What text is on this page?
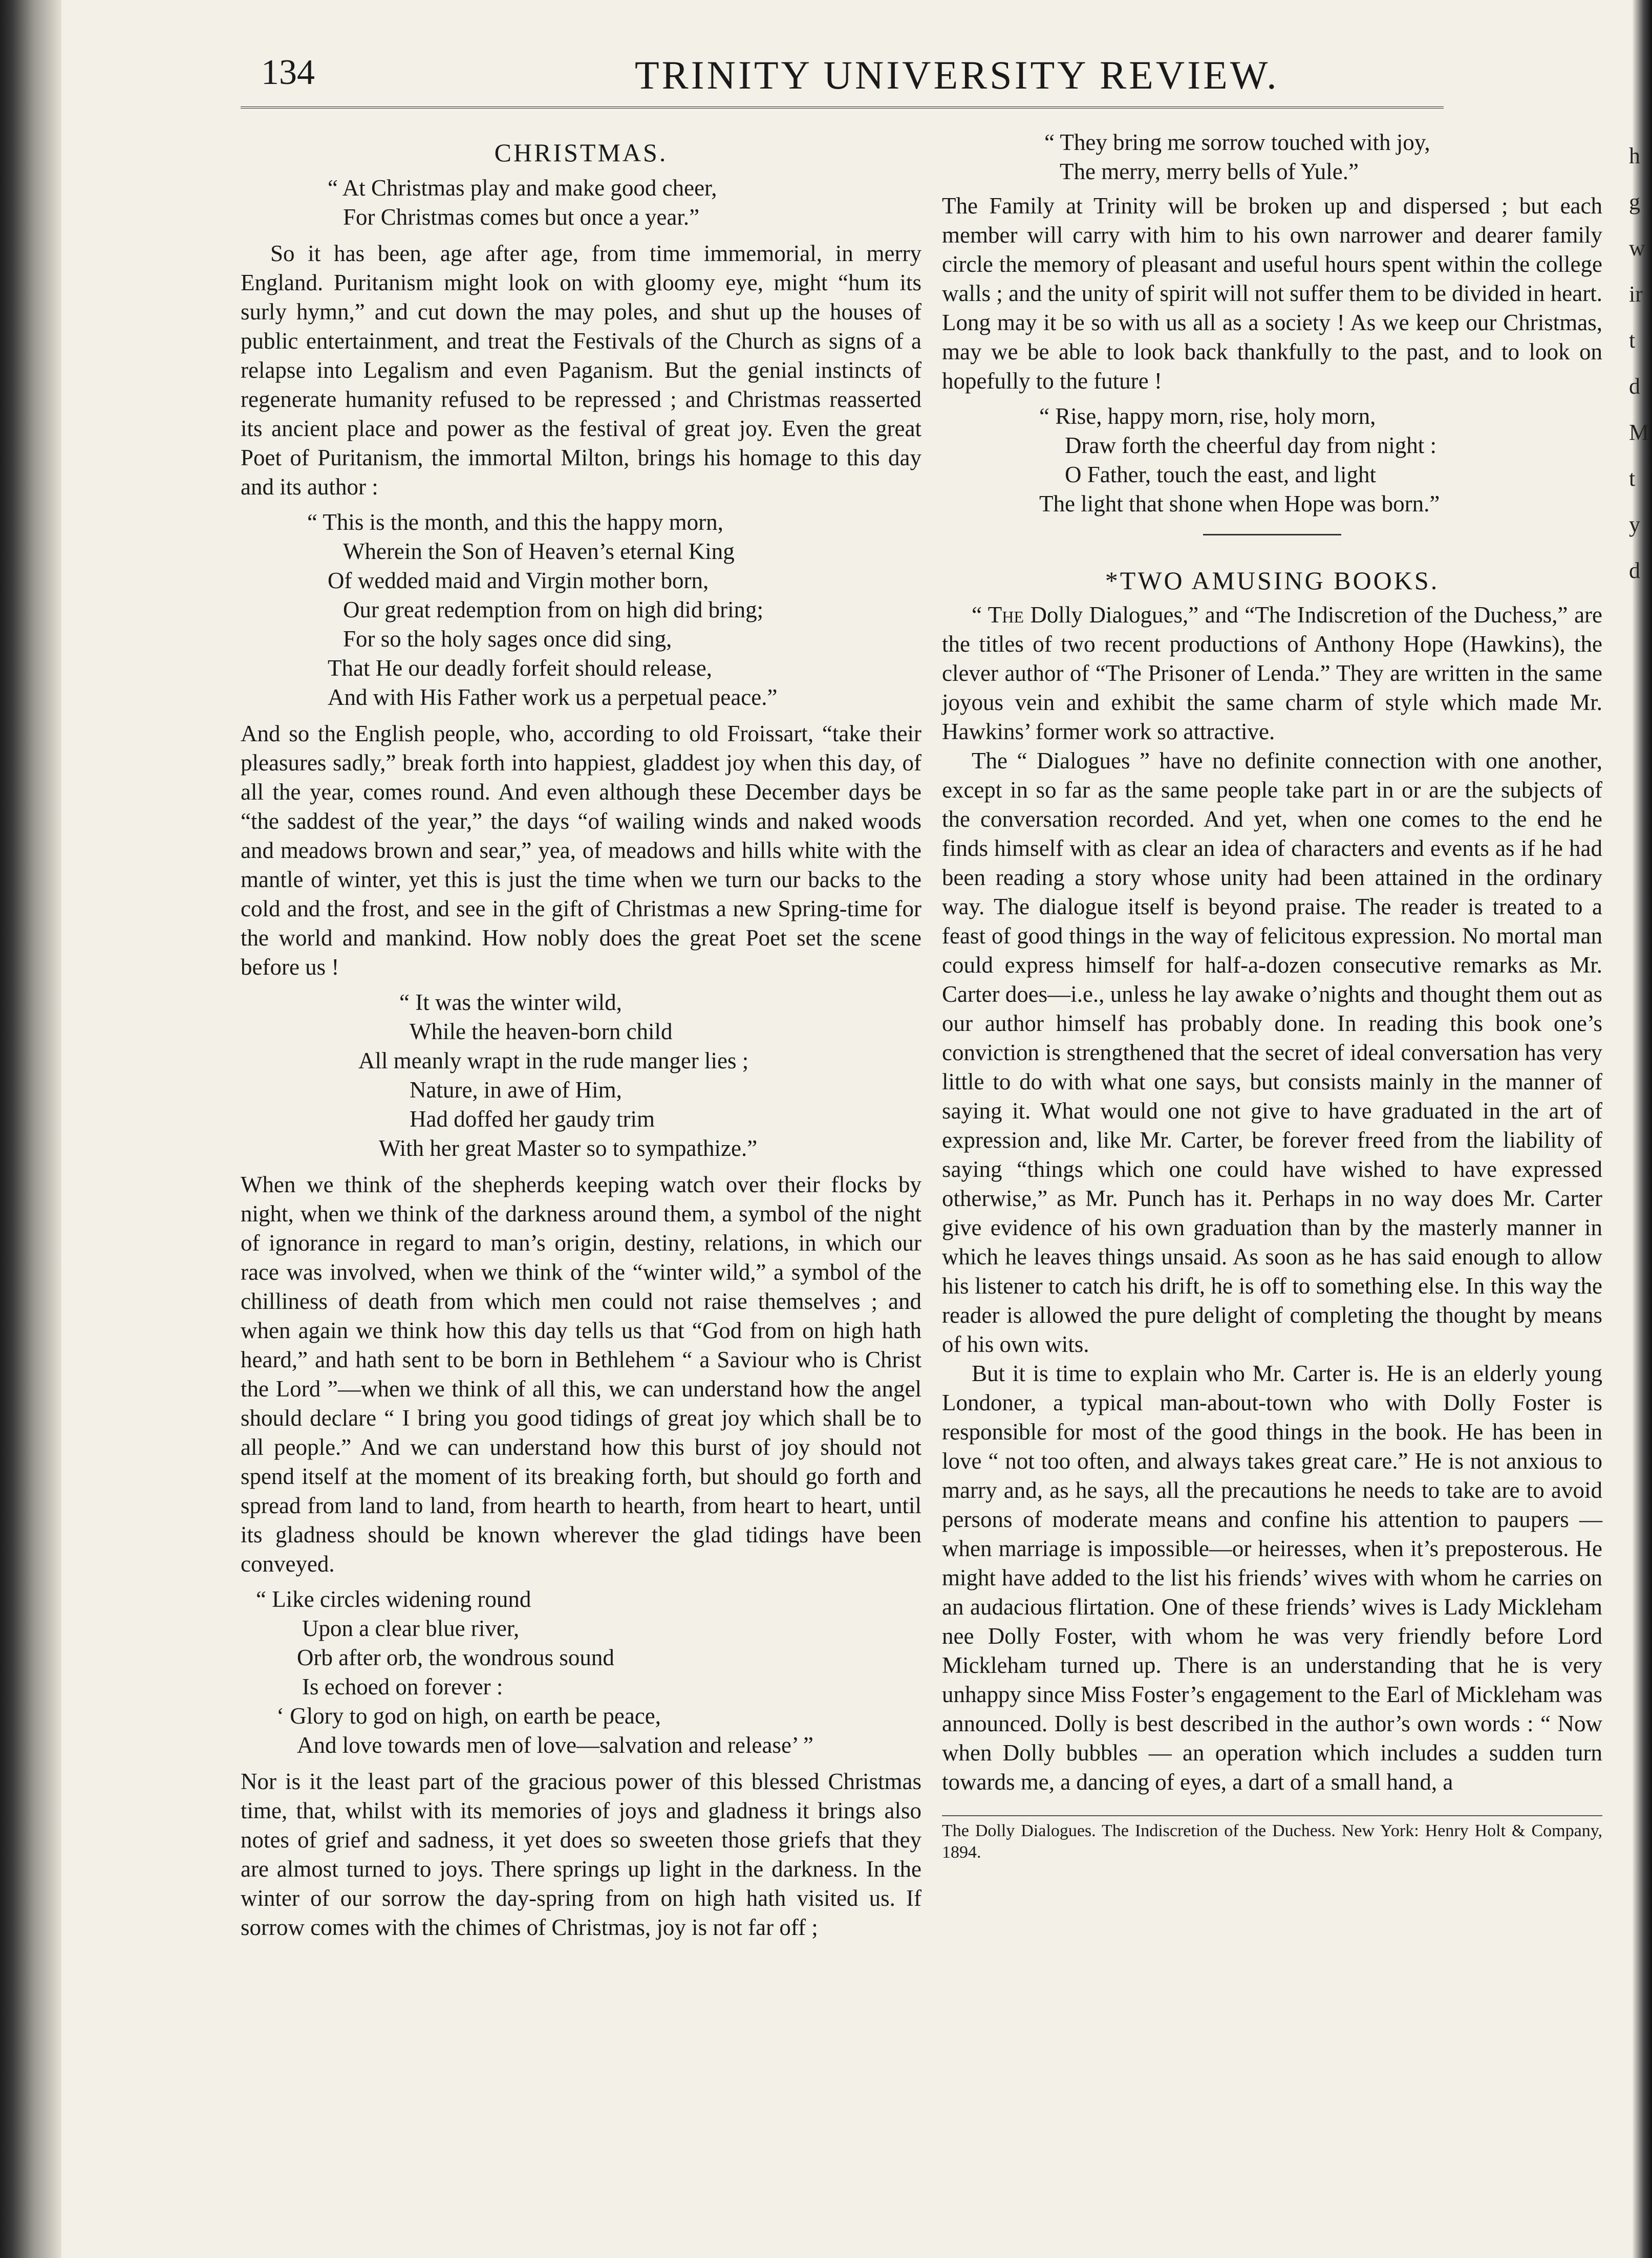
134	TRINITY UNIVERSITY REVIEW.
CHRISTMAS.
“ At Christmas play and make good cheer,
For Christmas comes but once a year.”

So it has been, age after age, from time immemorial, in merry England. Puritanism might look on with gloomy eye, might “hum its surly hymn,” and cut down the may poles, and shut up the houses of public entertainment, and treat the Festivals of the Church as signs of a relapse into Legalism and even Paganism. But the genial instincts of regenerate humanity refused to be repressed ; and Christmas reasserted its ancient place and power as the festival of great joy. Even the great Poet of Puritanism, the immortal Milton, brings his homage to this day and its author :

“ This is the month, and this the happy morn,
Wherein the Son of Heaven’s eternal King
Of wedded maid and Virgin mother born,
Our great redemption from on high did bring;
For so the holy sages once did sing,
That He our deadly forfeit should release,
And with His Father work us a perpetual peace.”

And so the English people, who, according to old Froissart, “take their pleasures sadly,” break forth into happiest, gladdest joy when this day, of all the year, comes round. And even although these December days be “the saddest of the year,” the days “of wailing winds and naked woods and meadows brown and sear,” yea, of meadows and hills white with the mantle of winter, yet this is just the time when we turn our backs to the cold and the frost, and see in the gift of Christmas a new Spring-time for the world and mankind. How nobly does the great Poet set the scene before us !

“ It was the winter wild,
While the heaven-born child
All meanly wrapt in the rude manger lies ;
Nature, in awe of Him,
Had doffed her gaudy trim
With her great Master so to sympathize.”

When we think of the shepherds keeping watch over their flocks by night, when we think of the darkness around them, a symbol of the night of ignorance in regard to man’s origin, destiny, relations, in which our race was involved, when we think of the “winter wild,” a symbol of the chilliness of death from which men could not raise themselves ; and when again we think how this day tells us that “God from on high hath heard,” and hath sent to be born in Bethlehem “ a Saviour who is Christ the Lord ”—when we think of all this, we can understand how the angel should declare “ I bring you good tidings of great joy which shall be to all people.” And we can understand how this burst of joy should not spend itself at the moment of its breaking forth, but should go forth and spread from land to land, from hearth to hearth, from heart to heart, until its gladness should be known wherever the glad tidings have been conveyed.

“ Like circles widening round
Upon a clear blue river,
Orb after orb, the wondrous sound
Is echoed on forever :
‘ Glory to god on high, on earth be peace,
And love towards men of love—salvation and release’ ”

Nor is it the least part of the gracious power of this blessed Christmas time, that, whilst with its memories of joys and gladness it brings also notes of grief and sadness, it yet does so sweeten those griefs that they are almost turned to joys. There springs up light in the darkness. In the winter of our sorrow the day-spring from on high hath visited us. If sorrow comes with the chimes of Christmas, joy is not far off ;

“ They bring me sorrow touched with joy,
The merry, merry bells of Yule.”

The Family at Trinity will be broken up and dispersed ; but each member will carry with him to his own narrower and dearer family circle the memory of pleasant and useful hours spent within the college walls ; and the unity of spirit will not suffer them to be divided in heart. Long may it be so with us all as a society ! As we keep our Christmas, may we be able to look back thankfully to the past, and to look on hopefully to the future !

“ Rise, happy morn, rise, holy morn,
Draw forth the cheerful day from night :
O Father, touch the east, and light
The light that shone when Hope was born.”
*TWO AMUSING BOOKS.

“ The Dolly Dialogues,” and “The Indiscretion of the Duchess,” are the titles of two recent productions of Anthony Hope (Hawkins), the clever author of “The Prisoner of Lenda.” They are written in the same joyous vein and exhibit the same charm of style which made Mr. Hawkins’ former work so attractive.

The “ Dialogues ” have no definite connection with one another, except in so far as the same people take part in or are the subjects of the conversation recorded. And yet, when one comes to the end he finds himself with as clear an idea of characters and events as if he had been reading a story whose unity had been attained in the ordinary way. The dialogue itself is beyond praise. The reader is treated to a feast of good things in the way of felicitous expression. No mortal man could express himself for half-a-dozen consecutive remarks as Mr. Carter does—i.e., unless he lay awake o’nights and thought them out as our author himself has probably done. In reading this book one’s conviction is strengthened that the secret of ideal conversation has very little to do with what one says, but consists mainly in the manner of saying it. What would one not give to have graduated in the art of expression and, like Mr. Carter, be forever freed from the liability of saying “things which one could have wished to have expressed otherwise,” as Mr. Punch has it. Perhaps in no way does Mr. Carter give evidence of his own graduation than by the masterly manner in which he leaves things unsaid. As soon as he has said enough to allow his listener to catch his drift, he is off to something else. In this way the reader is allowed the pure delight of completing the thought by means of his own wits.

But it is time to explain who Mr. Carter is. He is an elderly young Londoner, a typical man-about-town who with Dolly Foster is responsible for most of the good things in the book. He has been in love “ not too often, and always takes great care.” He is not anxious to marry and, as he says, all the precautions he needs to take are to avoid persons of moderate means and confine his attention to paupers —when marriage is impossible—or heiresses, when it’s preposterous. He might have added to the list his friends’ wives with whom he carries on an audacious flirtation. One of these friends’ wives is Lady Mickleham nee Dolly Foster, with whom he was very friendly before Lord Mickleham turned up. There is an understanding that he is very unhappy since Miss Foster’s engagement to the Earl of Mickleham was announced. Dolly is best described in the author’s own words : “ Now when Dolly bubbles — an operation which includes a sudden turn towards me, a dancing of eyes, a dart of a small hand, a

The Dolly Dialogues. The Indiscretion of the Duchess. New York: Henry Holt & Company, 1894.
h
g
w
ir
t
d
M
t
y
d
